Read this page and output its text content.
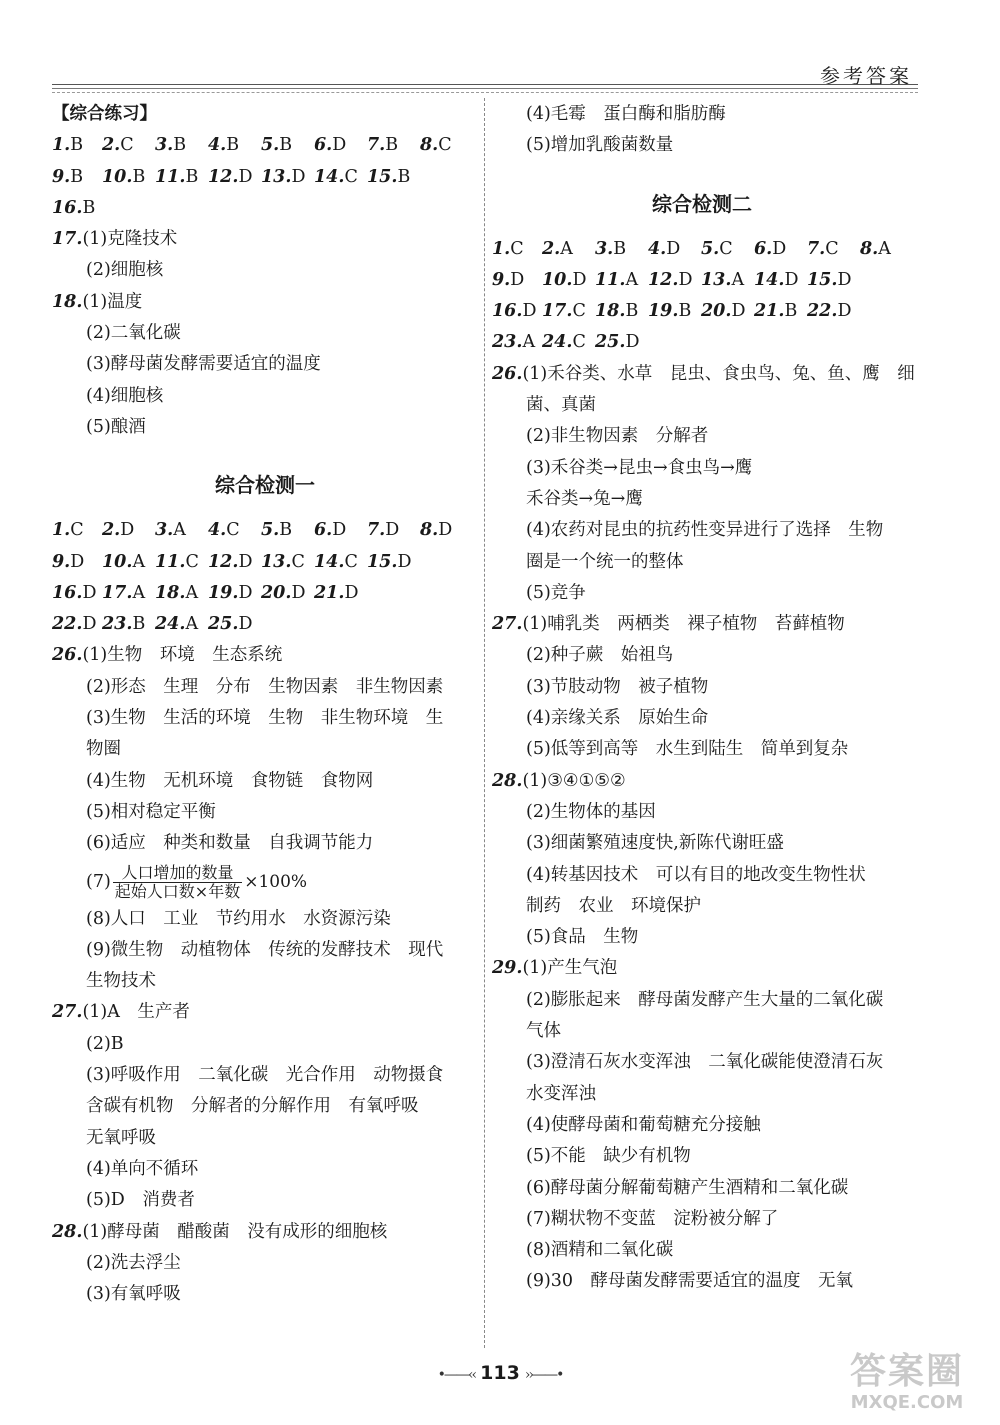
参考答案
【综合练习】
1.B 2.C 3.B 4.B 5.B 6.D 7.B 8.C
9.B 10.B 11.B 12.D 13.D 14.C 15.B
16.B
17.(1)克隆技术
(2)细胞核
18.(1)温度
(2)二氧化碳
(3)酵母菌发酵需要适宜的温度
(4)细胞核
(5)酿酒
综合检测一
1.C 2.D 3.A 4.C 5.B 6.D 7.D 8.D
9.D 10.A 11.C 12.D 13.C 14.C 15.D
16.D 17.A 18.A 19.D 20.D 21.D
22.D 23.B 24.A 25.D
26.(1)生物　环境　生态系统
(2)形态　生理　分布　生物因素　非生物因素
(3)生物　生活的环境　生物　非生物环境　生
物圈
(4)生物　无机环境　食物链　食物网
(5)相对稳定平衡
(6)适应　种类和数量　自我调节能力
$(7) \frac{\text{人口增加的数量}}{\text{起始人口数×年数}} \times 100\%$
(8)人口　工业　节约用水　水资源污染
(9)微生物　动植物体　传统的发酵技术　现代
生物技术
27.(1)A　生产者
(2)B
(3)呼吸作用　二氧化碳　光合作用　动物摄食
含碳有机物　分解者的分解作用　有氧呼吸
无氧呼吸
(4)单向不循环
(5)D　消费者
28.(1)酵母菌　醋酸菌　没有成形的细胞核
(2)洗去浮尘
(3)有氧呼吸
(4)毛霉　蛋白酶和脂肪酶
(5)增加乳酸菌数量
综合检测二
1.C 2.A 3.B 4.D 5.C 6.D 7.C 8.A
9.D 10.D 11.A 12.D 13.A 14.D 15.D
16.D 17.C 18.B 19.B 20.D 21.B 22.D
23.A 24.C 25.D
26.(1)禾谷类、水草　昆虫、食虫鸟、兔、鱼、鹰　细
菌、真菌
(2)非生物因素　分解者
(3)禾谷类→昆虫→食虫鸟→鹰
禾谷类→兔→鹰
(4)农药对昆虫的抗药性变异进行了选择　生物
圈是一个统一的整体
(5)竞争
27.(1)哺乳类　两栖类　裸子植物　苔藓植物
(2)种子蕨　始祖鸟
(3)节肢动物　被子植物
(4)亲缘关系　原始生命
(5)低等到高等　水生到陆生　简单到复杂
28.(1)③④①⑤②
(2)生物体的基因
(3)细菌繁殖速度快,新陈代谢旺盛
(4)转基因技术　可以有目的地改变生物性状
制药　农业　环境保护
(5)食品　生物
29.(1)产生气泡
(2)膨胀起来　酵母菌发酵产生大量的二氧化碳
气体
(3)澄清石灰水变浑浊　二氧化碳能使澄清石灰
水变浑浊
(4)使酵母菌和葡萄糖充分接触
(5)不能　缺少有机物
(6)酵母菌分解葡萄糖产生酒精和二氧化碳
(7)糊状物不变蓝　淀粉被分解了
(8)酒精和二氧化碳
(9)30　酵母菌发酵需要适宜的温度　无氧
•——‹‹ 113 ››——•	答案圈
MXQE.COM
